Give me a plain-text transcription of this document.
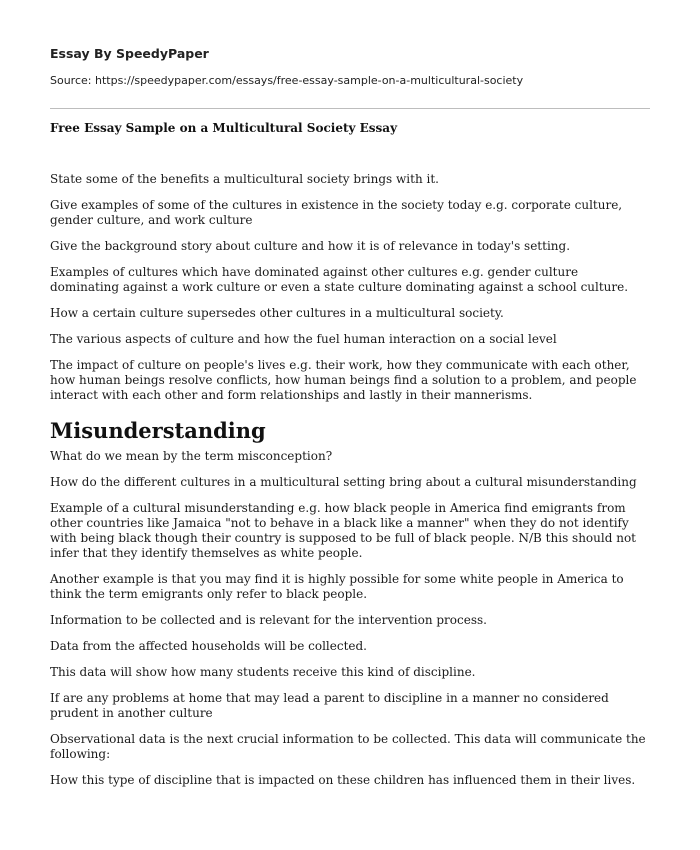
Essay By SpeedyPaper

Source: https://speedypaper.com/essays/free-essay-sample-on-a-multicultural-society

Free Essay Sample on a Multicultural Society Essay

State some of the benefits a multicultural society brings with it.

Give examples of some of the cultures in existence in the society today e.g. corporate culture, gender culture, and work culture

Give the background story about culture and how it is of relevance in today's setting.

Examples of cultures which have dominated against other cultures e.g. gender culture dominating against a work culture or even a state culture dominating against a school culture.

How a certain culture supersedes other cultures in a multicultural society.

The various aspects of culture and how the fuel human interaction on a social level

The impact of culture on people's lives e.g. their work, how they communicate with each other, how human beings resolve conflicts, how human beings find a solution to a problem, and people interact with each other and form relationships and lastly in their mannerisms.

Misunderstanding

What do we mean by the term misconception?

How do the different cultures in a multicultural setting bring about a cultural misunderstanding

Example of a cultural misunderstanding e.g. how black people in America find emigrants from other countries like Jamaica "not to behave in a black like a manner" when they do not identify with being black though their country is supposed to be full of black people. N/B this should not infer that they identify themselves as white people.

Another example is that you may find it is highly possible for some white people in America to think the term emigrants only refer to black people.

Information to be collected and is relevant for the intervention process.

Data from the affected households will be collected.

This data will show how many students receive this kind of discipline.

If are any problems at home that may lead a parent to discipline in a manner no considered prudent in another culture

Observational data is the next crucial information to be collected. This data will communicate the following:

How this type of discipline that is impacted on these children has influenced them in their lives.
